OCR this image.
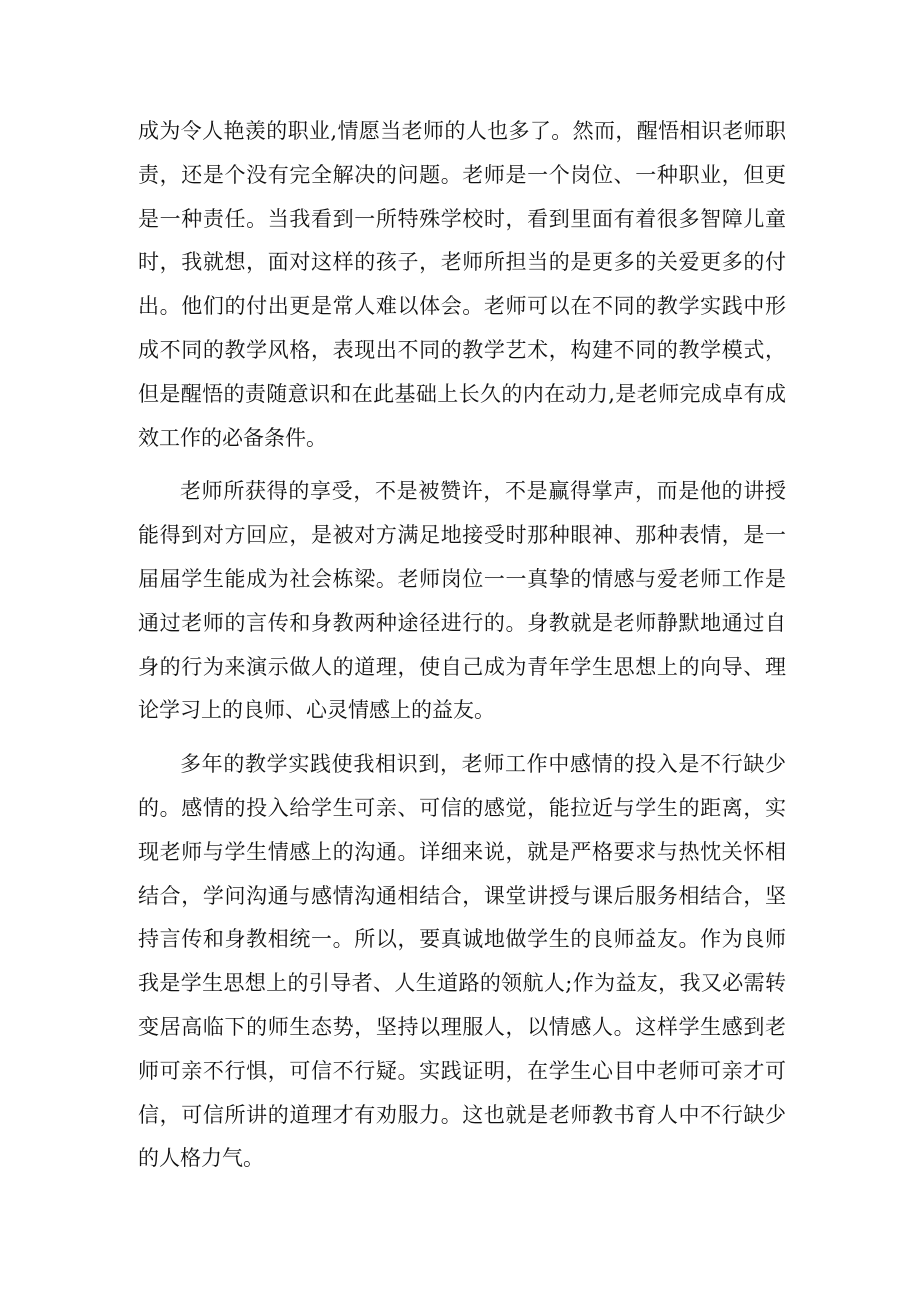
成为令人艳羡的职业,情愿当老师的人也多了。然而，醒悟相识老师职责，还是个没有完全解决的问题。老师是一个岗位、一种职业，但更是一种责任。当我看到一所特殊学校时，看到里面有着很多智障儿童时，我就想，面对这样的孩子，老师所担当的是更多的关爱更多的付出。他们的付出更是常人难以体会。老师可以在不同的教学实践中形成不同的教学风格，表现出不同的教学艺术，构建不同的教学模式，但是醒悟的责随意识和在此基础上长久的内在动力,是老师完成卓有成效工作的必备条件。

老师所获得的享受，不是被赞许，不是赢得掌声，而是他的讲授能得到对方回应，是被对方满足地接受时那种眼神、那种表情，是一届届学生能成为社会栋梁。老师岗位一一真挚的情感与爱老师工作是通过老师的言传和身教两种途径进行的。身教就是老师静默地通过自身的行为来演示做人的道理，使自己成为青年学生思想上的向导、理论学习上的良师、心灵情感上的益友。

多年的教学实践使我相识到，老师工作中感情的投入是不行缺少的。感情的投入给学生可亲、可信的感觉，能拉近与学生的距离，实现老师与学生情感上的沟通。详细来说，就是严格要求与热忱关怀相结合，学问沟通与感情沟通相结合，课堂讲授与课后服务相结合，坚持言传和身教相统一。所以，要真诚地做学生的良师益友。作为良师我是学生思想上的引导者、人生道路的领航人;作为益友，我又必需转变居高临下的师生态势，坚持以理服人，以情感人。这样学生感到老师可亲不行惧，可信不行疑。实践证明，在学生心目中老师可亲才可信，可信所讲的道理才有劝服力。这也就是老师教书育人中不行缺少的人格力气。
